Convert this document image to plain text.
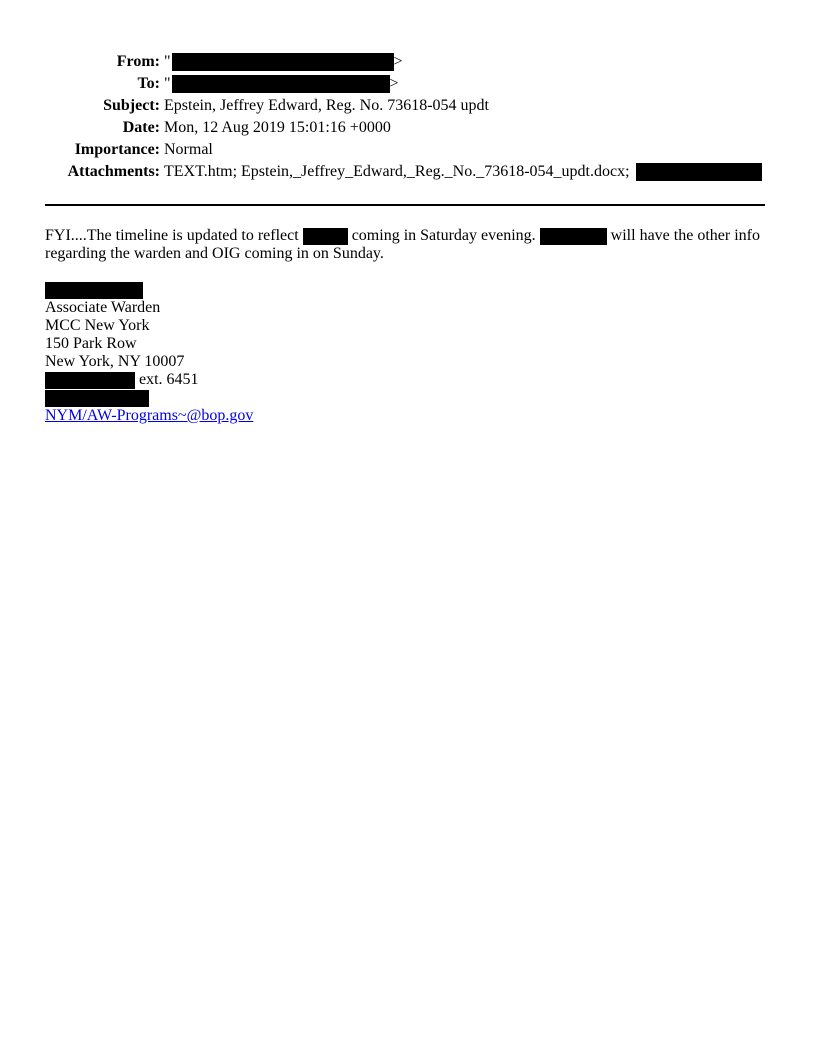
From: "	>
To: "	>
Subject: Epstein, Jeffrey Edward, Reg. No. 73618-054 updt
Date: Mon, 12 Aug 2019 15:01:16 +0000
Importance: Normal
Attachments: TEXT.htm; Epstein,_Jeffrey_Edward,_Reg._No._73618-054_updt.docx;
FYI....The timeline is updated to reflect	coming in Saturday evening.	will have the other info regarding the warden and OIG coming in on Sunday.
Associate Warden
MCC New York
150 Park Row
New York, NY 10007
ext. 6451
NYM/AW-Programs~@bop.gov
